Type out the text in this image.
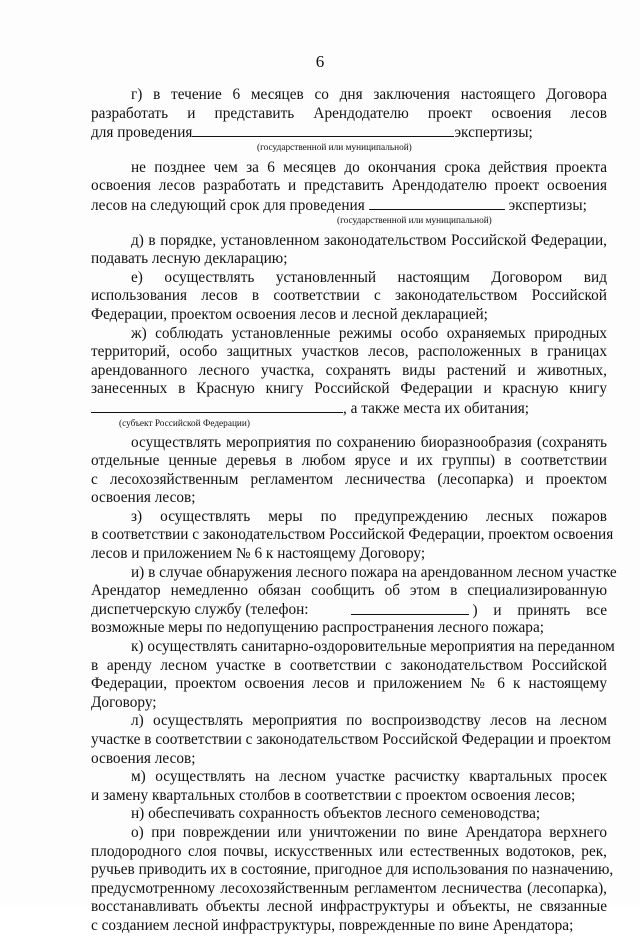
6
г) в течение 6 месяцев со дня заключения настоящего Договора
разработать и представить Арендодателю проект освоения лесов
для проведения	экспертизы;
(государственной или муниципальной)
не позднее чем за 6 месяцев до окончания срока действия проекта
освоения лесов разработать и представить Арендодателю проект освоения
лесов на следующий срок для проведения	экспертизы;
(государственной или муниципальной)
д) в порядке, установленном законодательством Российской Федерации,
подавать лесную декларацию;
е) осуществлять установленный настоящим Договором вид
использования лесов в соответствии с законодательством Российской
Федерации, проектом освоения лесов и лесной декларацией;
ж) соблюдать установленные режимы особо охраняемых природных
территорий, особо защитных участков лесов, расположенных в границах
арендованного лесного участка, сохранять виды растений и животных,
занесенных в Красную книгу Российской Федерации и красную книгу
, а также места их обитания;
(субъект Российской Федерации)
осуществлять мероприятия по сохранению биоразнообразия (сохранять
отдельные ценные деревья в любом ярусе и их группы) в соответствии
с лесохозяйственным регламентом лесничества (лесопарка) и проектом
освоения лесов;
з) осуществлять меры по предупреждению лесных пожаров
в соответствии с законодательством Российской Федерации, проектом освоения
лесов и приложением № 6 к настоящему Договору;
и) в случае обнаружения лесного пожара на арендованном лесном участке
Арендатор немедленно обязан сообщить об этом в специализированную
диспетчерскую службу (телефон:	) и принять все
возможные меры по недопущению распространения лесного пожара;
к) осуществлять санитарно-оздоровительные мероприятия на переданном
в аренду лесном участке в соответствии с законодательством Российской
Федерации, проектом освоения лесов и приложением № 6 к настоящему
Договору;
л) осуществлять мероприятия по воспроизводству лесов на лесном
участке в соответствии с законодательством Российской Федерации и проектом
освоения лесов;
м) осуществлять на лесном участке расчистку квартальных просек
и замену квартальных столбов в соответствии с проектом освоения лесов;
н) обеспечивать сохранность объектов лесного семеноводства;
о) при повреждении или уничтожении по вине Арендатора верхнего
плодородного слоя почвы, искусственных или естественных водотоков, рек,
ручьев приводить их в состояние, пригодное для использования по назначению,
предусмотренному лесохозяйственным регламентом лесничества (лесопарка),
восстанавливать объекты лесной инфраструктуры и объекты, не связанные
с созданием лесной инфраструктуры, поврежденные по вине Арендатора;
